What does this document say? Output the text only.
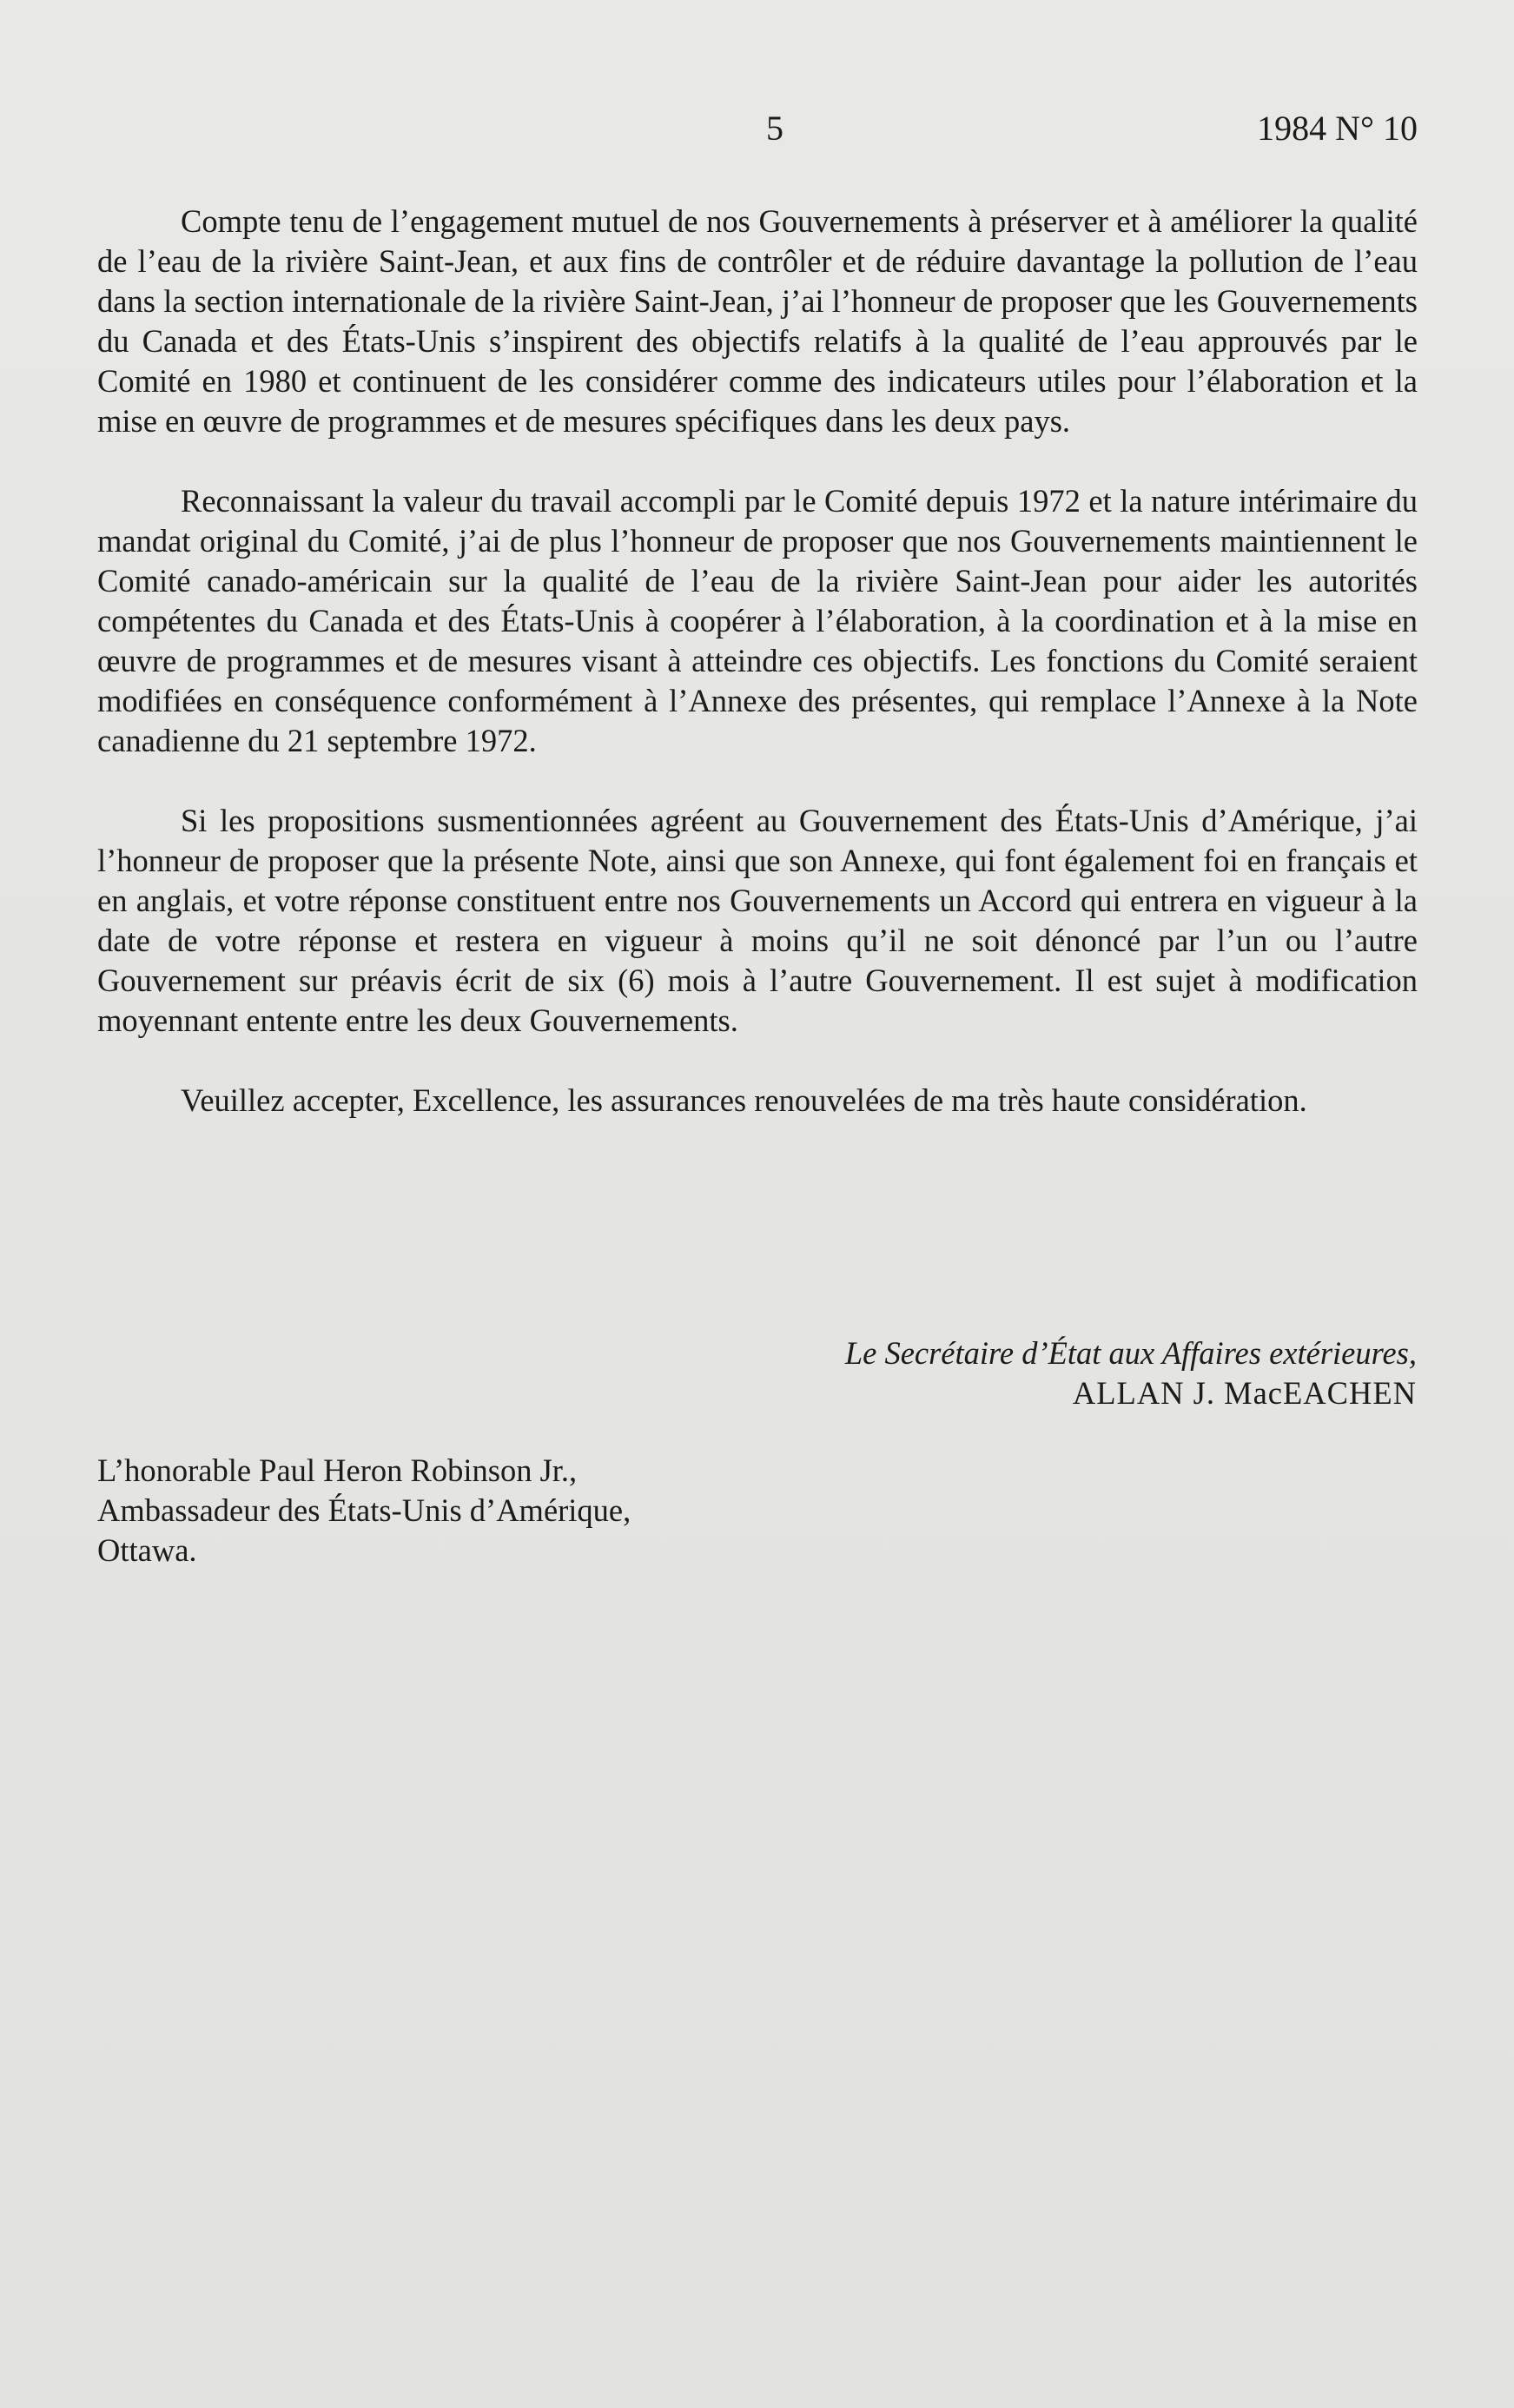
5	1984 N° 10

Compte tenu de l’engagement mutuel de nos Gouvernements à préserver et à améliorer la qualité de l’eau de la rivière Saint-Jean, et aux fins de contrôler et de réduire davantage la pollution de l’eau dans la section internationale de la rivière Saint-Jean, j’ai l’honneur de proposer que les Gouvernements du Canada et des États-Unis s’inspirent des objectifs relatifs à la qualité de l’eau approuvés par le Comité en 1980 et continuent de les considérer comme des indicateurs utiles pour l’élaboration et la mise en œuvre de programmes et de mesures spécifiques dans les deux pays.

Reconnaissant la valeur du travail accompli par le Comité depuis 1972 et la nature intérimaire du mandat original du Comité, j’ai de plus l’honneur de proposer que nos Gouvernements maintiennent le Comité canado-américain sur la qualité de l’eau de la rivière Saint-Jean pour aider les autorités compétentes du Canada et des États-Unis à coopérer à l’élaboration, à la coordination et à la mise en œuvre de programmes et de mesures visant à atteindre ces objectifs. Les fonctions du Comité seraient modifiées en conséquence conformément à l’Annexe des présentes, qui remplace l’Annexe à la Note canadienne du 21 septembre 1972.

Si les propositions susmentionnées agréent au Gouvernement des États-Unis d’Amérique, j’ai l’honneur de proposer que la présente Note, ainsi que son Annexe, qui font également foi en français et en anglais, et votre réponse constituent entre nos Gouvernements un Accord qui entrera en vigueur à la date de votre réponse et restera en vigueur à moins qu’il ne soit dénoncé par l’un ou l’autre Gouvernement sur préavis écrit de six (6) mois à l’autre Gouvernement. Il est sujet à modification moyennant entente entre les deux Gouvernements.

Veuillez accepter, Excellence, les assurances renouvelées de ma très haute considération.

Le Secrétaire d’État aux Affaires extérieures,
ALLAN J. MacEACHEN
L’honorable Paul Heron Robinson Jr.,
Ambassadeur des États-Unis d’Amérique,
Ottawa.
